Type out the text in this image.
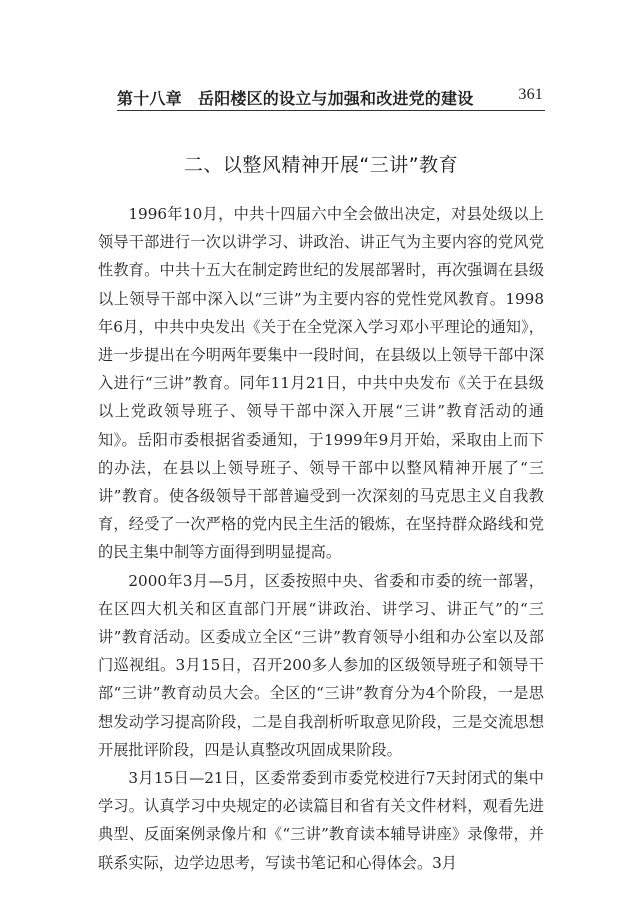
第十八章　岳阳楼区的设立与加强和改进党的建设	361
二、以整风精神开展“三讲”教育

1996年10月，中共十四届六中全会做出决定，对县处级以上领导干部进行一次以讲学习、讲政治、讲正气为主要内容的党风党性教育。中共十五大在制定跨世纪的发展部署时，再次强调在县级以上领导干部中深入以“三讲”为主要内容的党性党风教育。1998年6月，中共中央发出《关于在全党深入学习邓小平理论的通知》，进一步提出在今明两年要集中一段时间，在县级以上领导干部中深入进行“三讲”教育。同年11月21日，中共中央发布《关于在县级以上党政领导班子、领导干部中深入开展“三讲”教育活动的通知》。岳阳市委根据省委通知，于1999年9月开始，采取由上而下的办法，在县以上领导班子、领导干部中以整风精神开展了“三讲”教育。使各级领导干部普遍受到一次深刻的马克思主义自我教育，经受了一次严格的党内民主生活的锻炼，在坚持群众路线和党的民主集中制等方面得到明显提高。

2000年3月—5月，区委按照中央、省委和市委的统一部署，在区四大机关和区直部门开展“讲政治、讲学习、讲正气”的“三讲”教育活动。区委成立全区“三讲”教育领导小组和办公室以及部门巡视组。3月15日，召开200多人参加的区级领导班子和领导干部“三讲”教育动员大会。全区的“三讲”教育分为4个阶段，一是思想发动学习提高阶段，二是自我剖析听取意见阶段，三是交流思想开展批评阶段，四是认真整改巩固成果阶段。

3月15日—21日，区委常委到市委党校进行7天封闭式的集中学习。认真学习中央规定的必读篇目和省有关文件材料，观看先进典型、反面案例录像片和《“三讲”教育读本辅导讲座》录像带，并联系实际，边学边思考，写读书笔记和心得体会。3月
